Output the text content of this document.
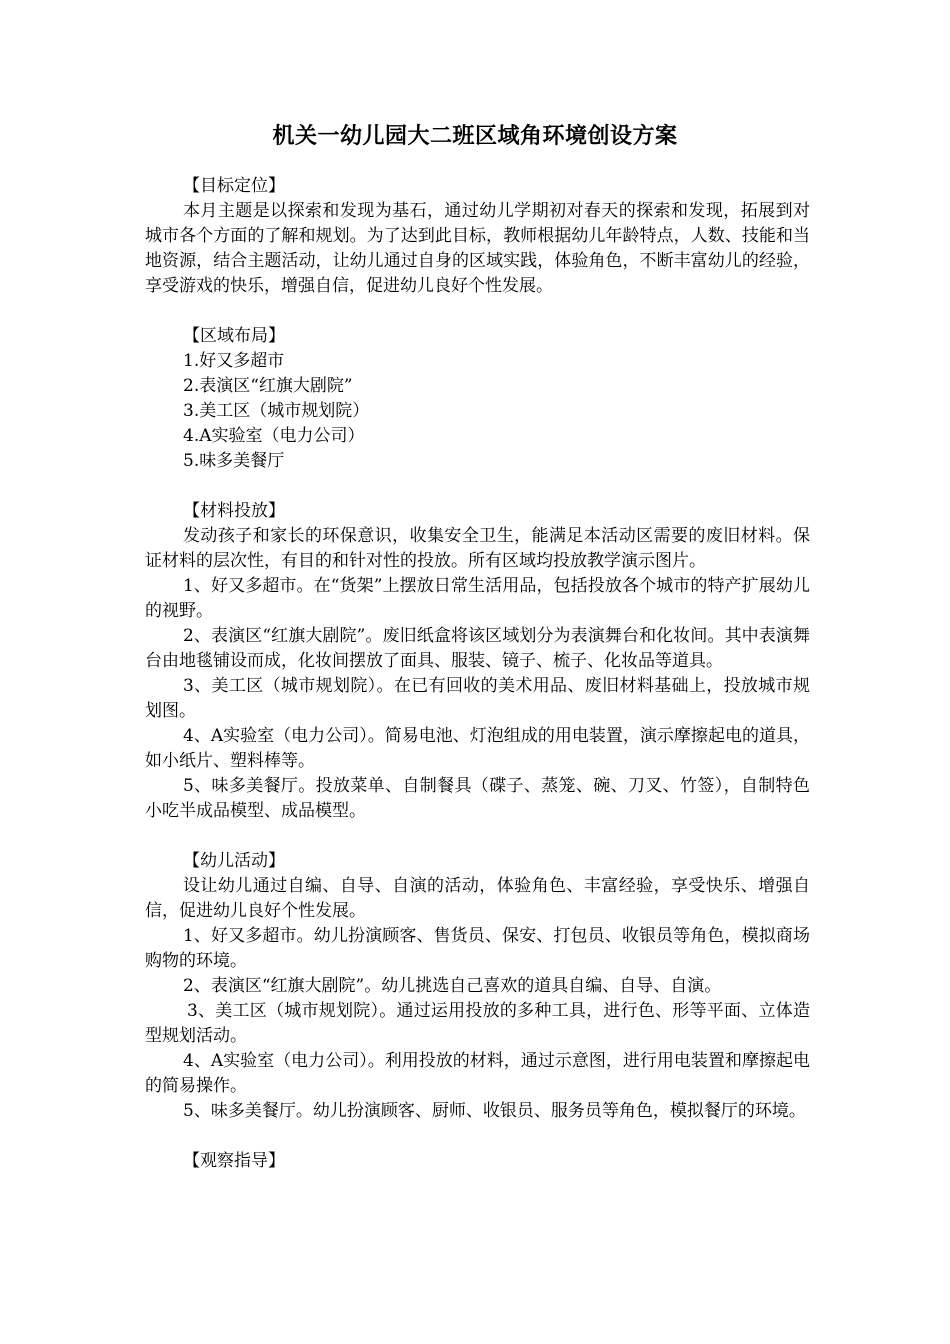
机关一幼儿园大二班区域角环境创设方案

【目标定位】

本月主题是以探索和发现为基石，通过幼儿学期初对春天的探索和发现，拓展到对城市各个方面的了解和规划。为了达到此目标，教师根据幼儿年龄特点，人数、技能和当地资源，结合主题活动，让幼儿通过自身的区域实践，体验角色，不断丰富幼儿的经验，享受游戏的快乐，增强自信，促进幼儿良好个性发展。

【区域布局】

1.好又多超市

2.表演区“红旗大剧院”

3.美工区（城市规划院）

4.A实验室（电力公司）

5.味多美餐厅

【材料投放】

发动孩子和家长的环保意识，收集安全卫生，能满足本活动区需要的废旧材料。保证材料的层次性，有目的和针对性的投放。所有区域均投放教学演示图片。

1、好又多超市。在“货架”上摆放日常生活用品，包括投放各个城市的特产扩展幼儿的视野。

2、表演区“红旗大剧院”。废旧纸盒将该区域划分为表演舞台和化妆间。其中表演舞台由地毯铺设而成，化妆间摆放了面具、服装、镜子、梳子、化妆品等道具。

3、美工区（城市规划院）。在已有回收的美术用品、废旧材料基础上，投放城市规划图。

4、A实验室（电力公司）。简易电池、灯泡组成的用电装置，演示摩擦起电的道具，如小纸片、塑料棒等。

5、味多美餐厅。投放菜单、自制餐具（碟子、蒸笼、碗、刀叉、竹签），自制特色小吃半成品模型、成品模型。

【幼儿活动】

设让幼儿通过自编、自导、自演的活动，体验角色、丰富经验，享受快乐、增强自信，促进幼儿良好个性发展。

1、好又多超市。幼儿扮演顾客、售货员、保安、打包员、收银员等角色，模拟商场购物的环境。

2、表演区“红旗大剧院”。幼儿挑选自己喜欢的道具自编、自导、自演。

3、美工区（城市规划院）。通过运用投放的多种工具，进行色、形等平面、立体造型规划活动。

4、A实验室（电力公司）。利用投放的材料，通过示意图，进行用电装置和摩擦起电的简易操作。

5、味多美餐厅。幼儿扮演顾客、厨师、收银员、服务员等角色，模拟餐厅的环境。

【观察指导】
